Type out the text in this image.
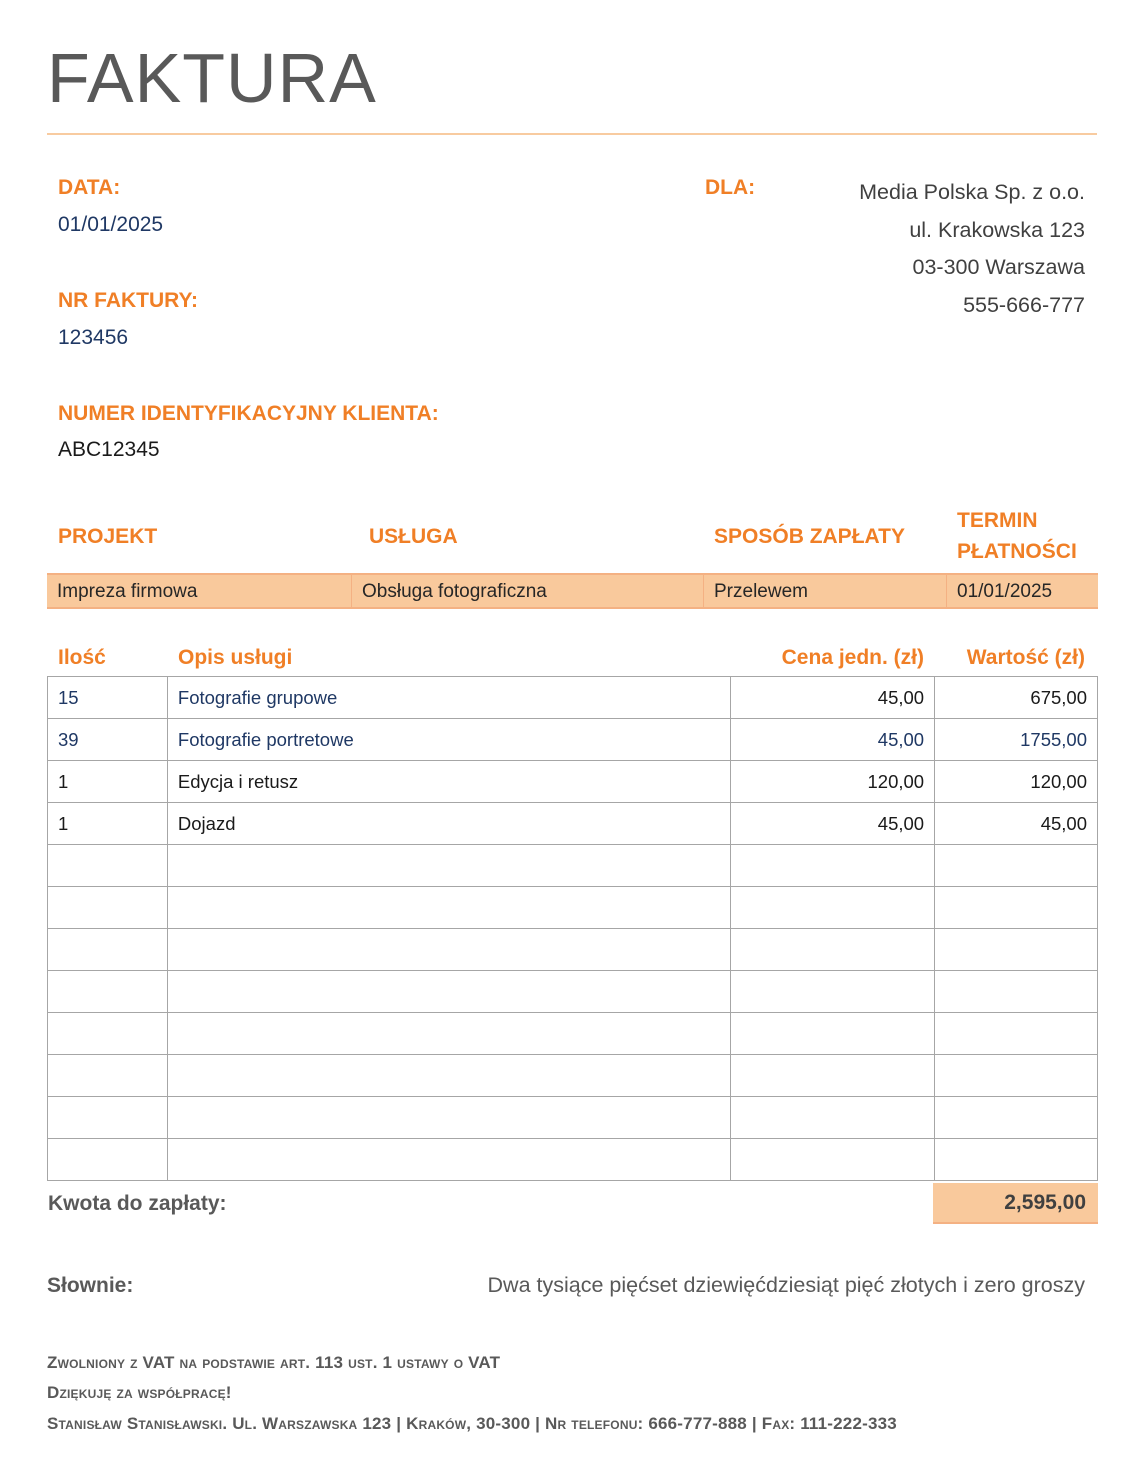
FAKTURA
DATA:
01/01/2025
NR FAKTURY:
123456
NUMER IDENTYFIKACYJNY KLIENTA:
ABC12345
DLA:	Media Polska Sp. z o.o.
ul. Krakowska 123
03-300 Warszawa
555-666-777
PROJEKT	USŁUGA	SPOSÓB ZAPŁATY
TERMIN
PŁATNOŚCI
Impreza firmowa	Obsługa fotograficzna	Przelewem	01/01/2025
Ilość	Opis usługi	Cena jedn. (zł) Wartość (zł)
15	Fotografie grupowe	45,00	675,00
39	Fotografie portretowe	45,00	1755,00
1	Edycja i retusz	120,00	120,00
1	Dojazd	45,00	45,00

Kwota do zapłaty:	2,595,00
Słownie:	Dwa tysiące pięćset dziewięćdziesiąt pięć złotych i zero groszy
Zwolniony z VAT na podstawie art. 113 ust. 1 ustawy o VAT
Dziękuję za współpracę!
Stanisław Stanisławski. Ul. Warszawska 123 | Kraków, 30-300 | Nr telefonu: 666-777-888 | Fax: 111-222-333
